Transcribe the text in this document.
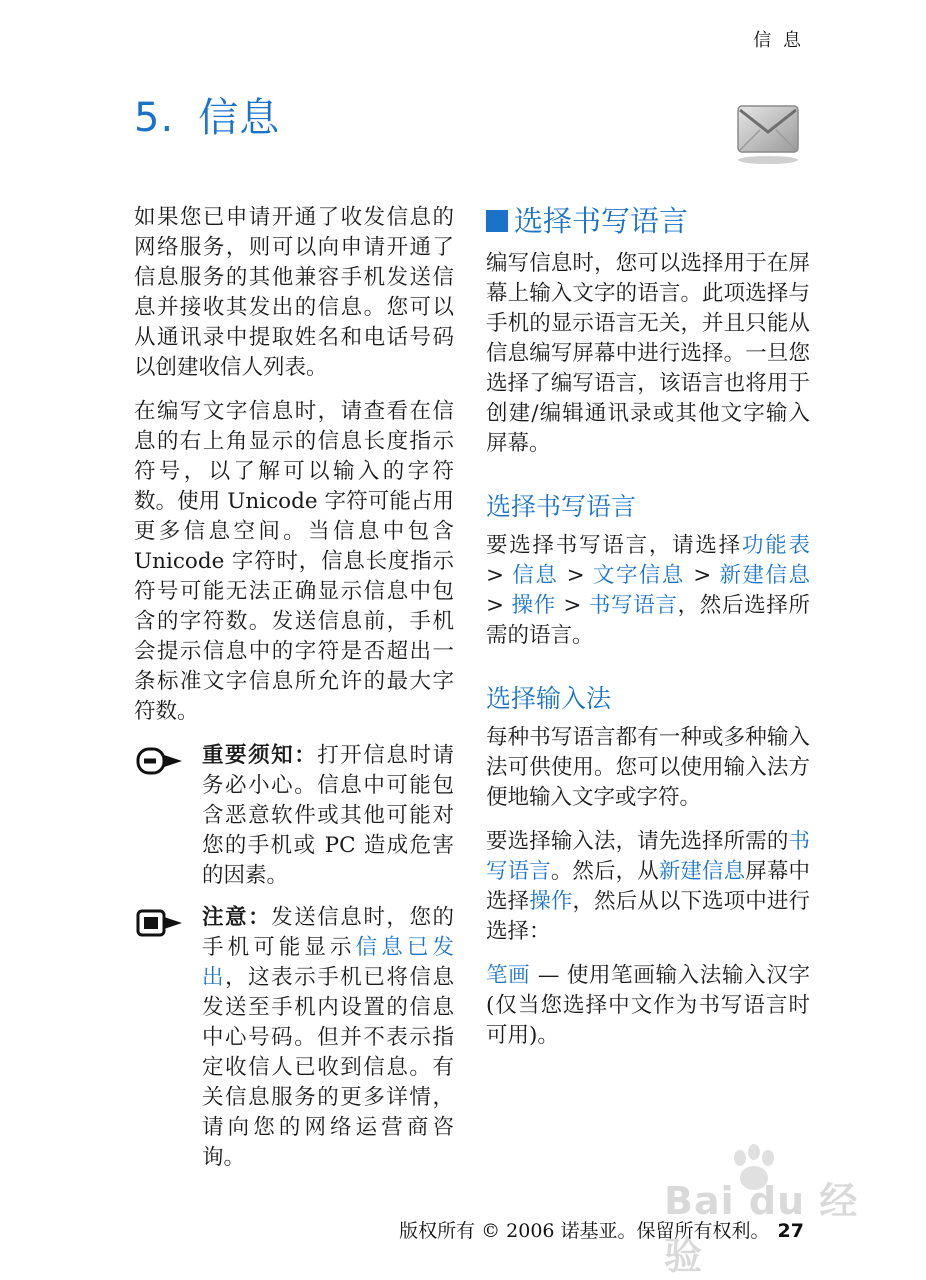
信 息
5. 信息

如果您已申请开通了收发信息的网络服务，则可以向申请开通了信息服务的其他兼容手机发送信息并接收其发出的信息。您可以从通讯录中提取姓名和电话号码以创建收信人列表。

在编写文字信息时，请查看在信息的右上角显示的信息长度指示符号，以了解可以输入的字符数。使用 Unicode 字符可能占用更多信息空间。当信息中包含 Unicode 字符时，信息长度指示符号可能无法正确显示信息中包含的字符数。发送信息前，手机会提示信息中的字符是否超出一条标准文字信息所允许的最大字符数。

重要须知：打开信息时请务必小心。信息中可能包含恶意软件或其他可能对您的手机或 PC 造成危害的因素。

注意：发送信息时，您的手机可能显示信息已发出，这表示手机已将信息发送至手机内设置的信息中心号码。但并不表示指定收信人已收到信息。有关信息服务的更多详情，请向您的网络运营商咨询。

选择书写语言

编写信息时，您可以选择用于在屏幕上输入文字的语言。此项选择与手机的显示语言无关，并且只能从信息编写屏幕中进行选择。一旦您选择了编写语言，该语言也将用于创建/编辑通讯录或其他文字输入屏幕。

选择书写语言

要选择书写语言，请选择功能表 > 信息 > 文字信息 > 新建信息 > 操作 > 书写语言，然后选择所需的语言。

选择输入法

每种书写语言都有一种或多种输入法可供使用。您可以使用输入法方便地输入文字或字符。

要选择输入法，请先选择所需的书写语言。然后，从新建信息屏幕中选择操作，然后从以下选项中进行选择：

笔画 — 使用笔画输入法输入汉字 (仅当您选择中文作为书写语言时可用)。

Bai du 经验
版权所有 © 2006 诺基亚。保留所有权利。 27
